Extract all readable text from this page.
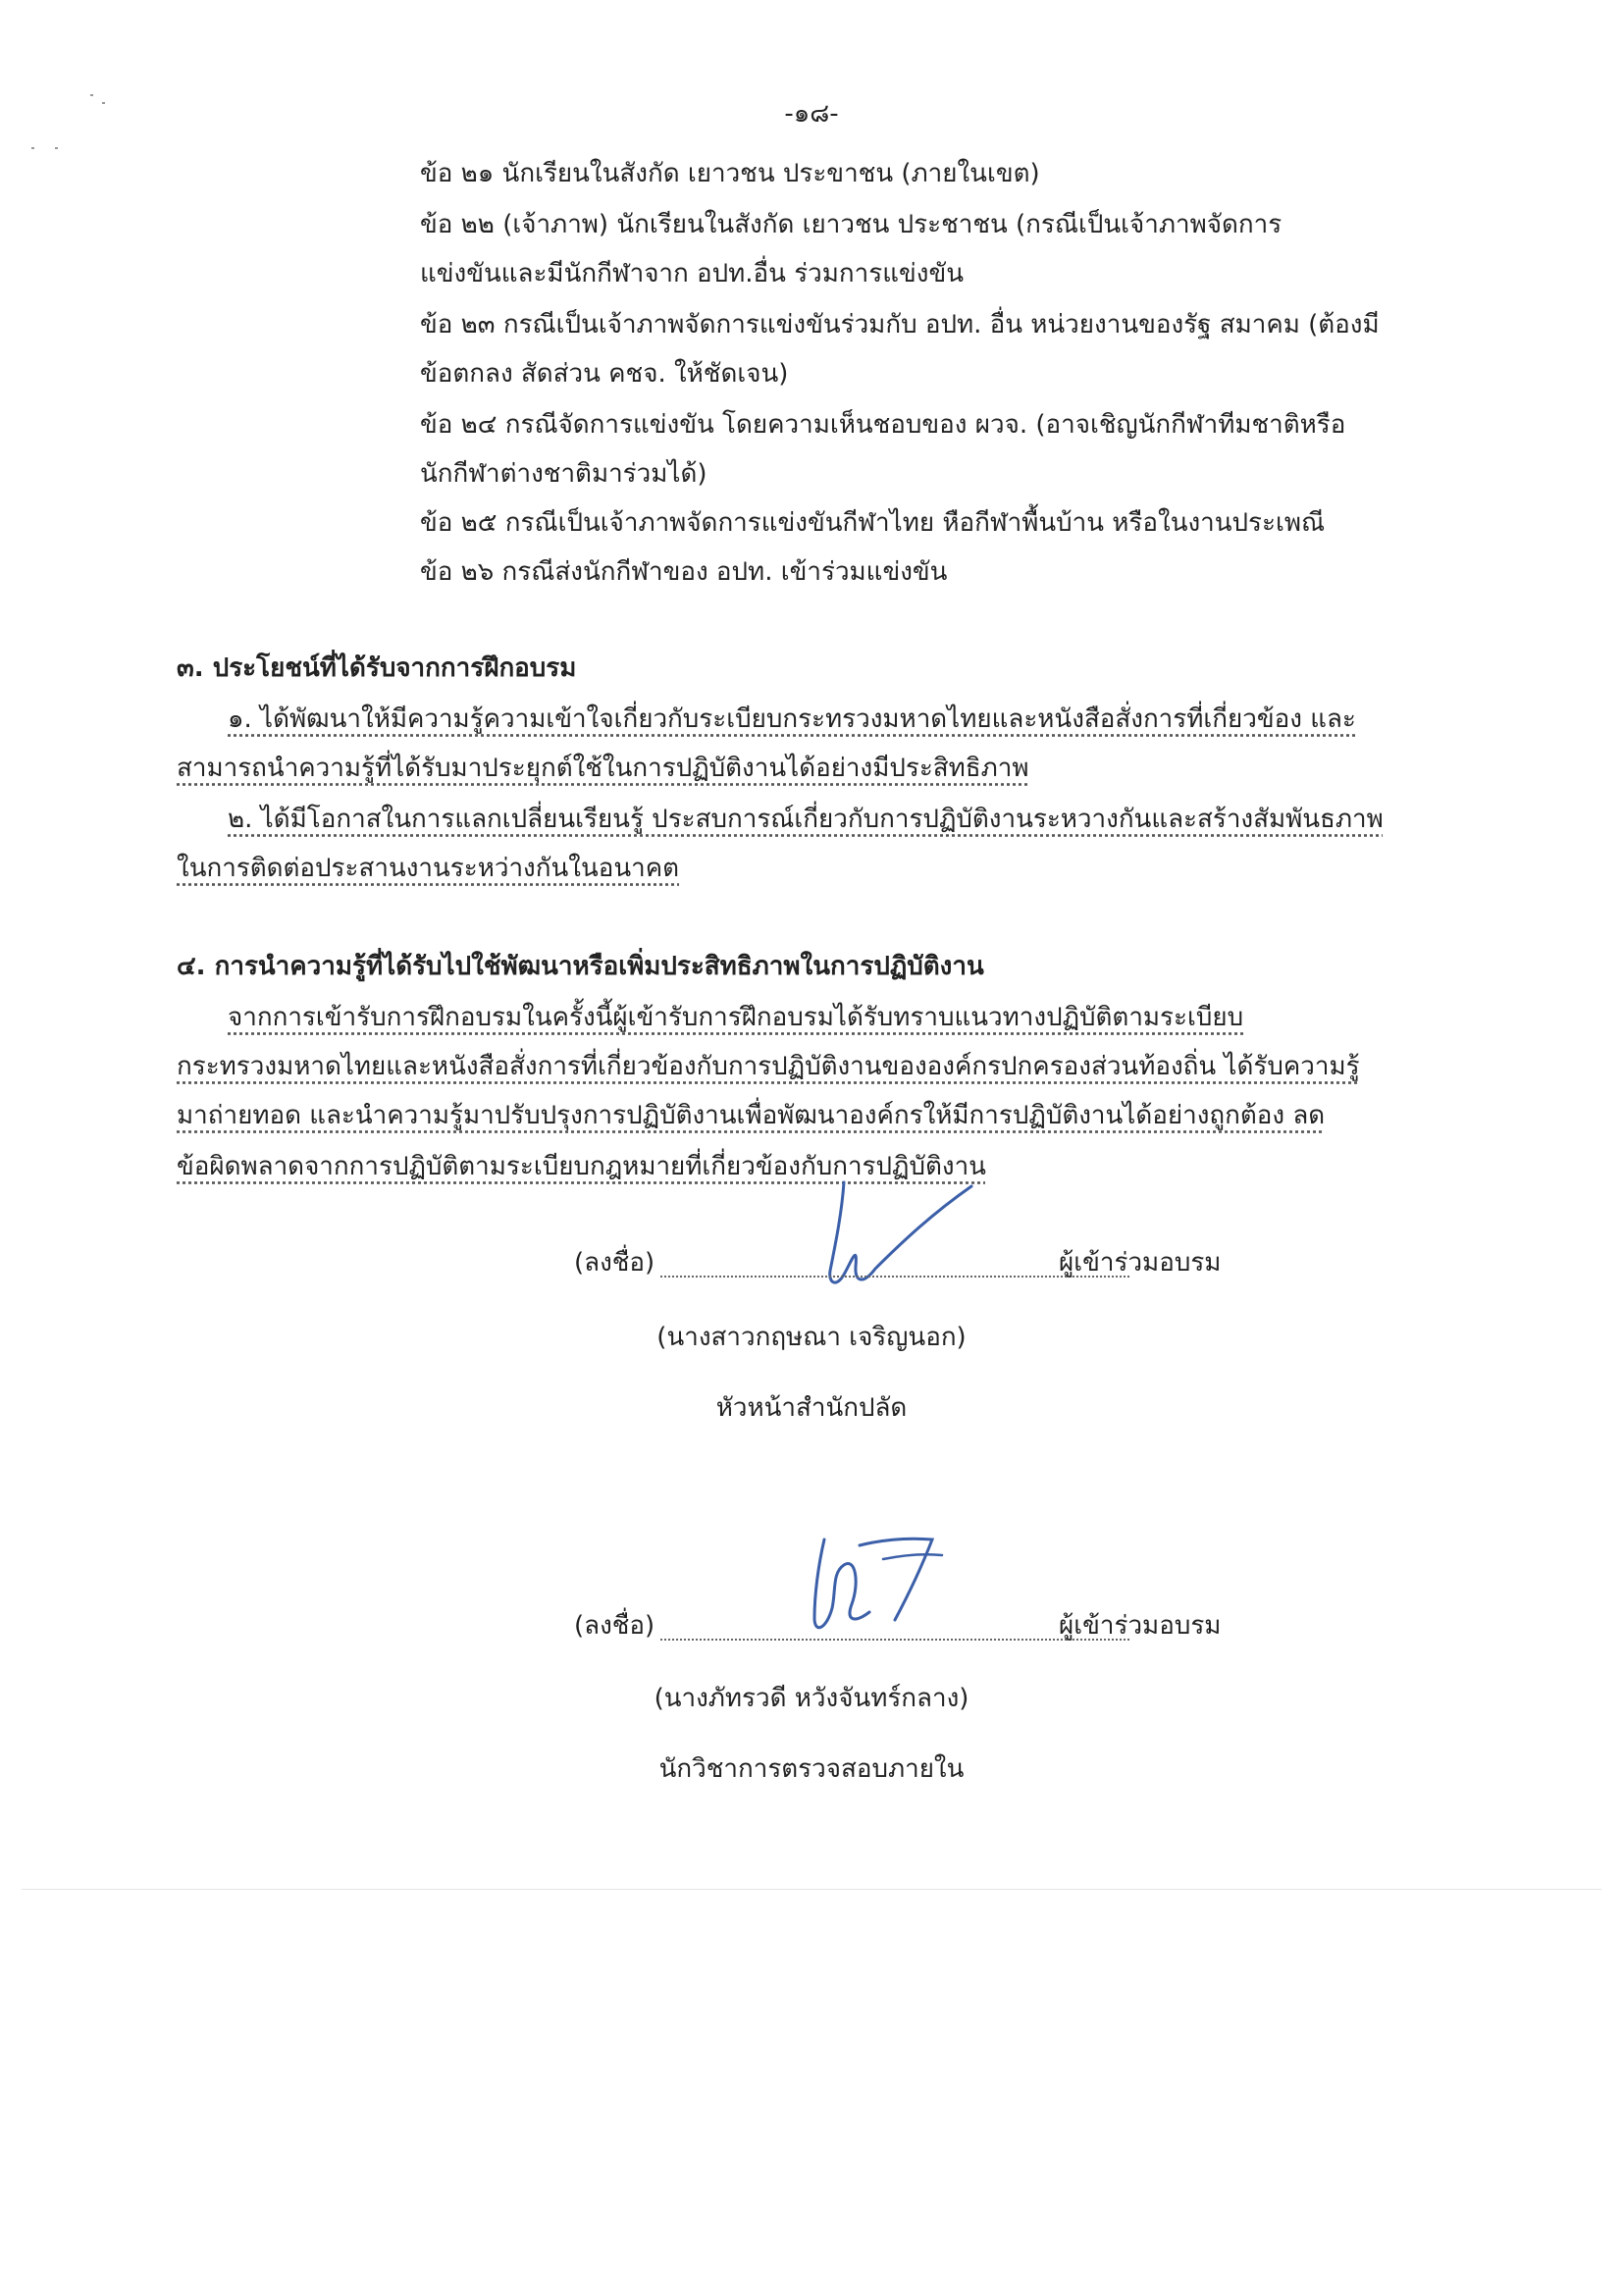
-๑๘-
ข้อ ๒๑ นักเรียนในสังกัด เยาวชน ประขาชน (ภายในเขต)
ข้อ ๒๒ (เจ้าภาพ) นักเรียนในสังกัด เยาวชน ประชาชน (กรณีเป็นเจ้าภาพจัดการ
แข่งขันและมีนักกีฬาจาก อปท.อื่น ร่วมการแข่งขัน
ข้อ ๒๓ กรณีเป็นเจ้าภาพจัดการแข่งขันร่วมกับ อปท. อื่น หน่วยงานของรัฐ สมาคม (ต้องมี
ข้อตกลง สัดส่วน คชจ. ให้ชัดเจน)
ข้อ ๒๔ กรณีจัดการแข่งขัน โดยความเห็นชอบของ ผวจ. (อาจเชิญนักกีฬาทีมชาติหรือ
นักกีฬาต่างชาติมาร่วมได้)
ข้อ ๒๕ กรณีเป็นเจ้าภาพจัดการแข่งขันกีฬาไทย หือกีฬาพื้นบ้าน หรือในงานประเพณี
ข้อ ๒๖ กรณีส่งนักกีฬาของ อปท. เข้าร่วมแข่งขัน
๓. ประโยชน์ที่ได้รับจากการฝึกอบรม
๑. ได้พัฒนาให้มีความรู้ความเข้าใจเกี่ยวกับระเบียบกระทรวงมหาดไทยและหนังสือสั่งการที่เกี่ยวข้อง และ
สามารถนำความรู้ที่ได้รับมาประยุกต์ใช้ในการปฏิบัติงานได้อย่างมีประสิทธิภาพ
๒. ได้มีโอกาสในการแลกเปลี่ยนเรียนรู้ ประสบการณ์เกี่ยวกับการปฏิบัติงานระหวางกันและสร้างสัมพันธภาพ
ในการติดต่อประสานงานระหว่างกันในอนาคต
๔. การนำความรู้ที่ได้รับไปใช้พัฒนาหรือเพิ่มประสิทธิภาพในการปฏิบัติงาน
จากการเข้ารับการฝึกอบรมในครั้งนี้ผู้เข้ารับการฝึกอบรมได้รับทราบแนวทางปฏิบัติตามระเบียบ
กระทรวงมหาดไทยและหนังสือสั่งการที่เกี่ยวข้องกับการปฏิบัติงานขององค์กรปกครองส่วนท้องถิ่น ได้รับความรู้
มาถ่ายทอด และนำความรู้มาปรับปรุงการปฏิบัติงานเพื่อพัฒนาองค์กรให้มีการปฏิบัติงานได้อย่างถูกต้อง ลด
ข้อผิดพลาดจากการปฏิบัติตามระเบียบกฎหมายที่เกี่ยวข้องกับการปฏิบัติงาน
(ลงชื่อ)	ผู้เข้าร่วมอบรม
(นางสาวกฤษณา เจริญนอก)
หัวหน้าสำนักปลัด
(ลงชื่อ)	ผู้เข้าร่วมอบรม
(นางภัทรวดี หวังจันทร์กลาง)
นักวิชาการตรวจสอบภายใน
